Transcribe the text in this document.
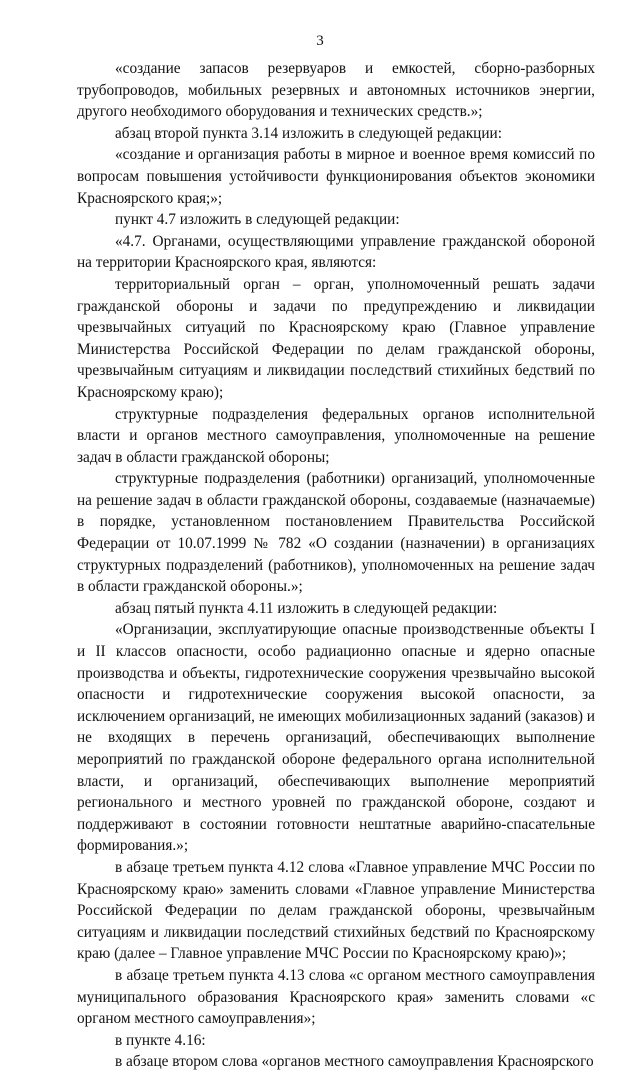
3

«создание запасов резервуаров и емкостей, сборно-разборных трубопроводов, мобильных резервных и автономных источников энергии, другого необходимого оборудования и технических средств.»;

абзац второй пункта 3.14 изложить в следующей редакции:

«создание и организация работы в мирное и военное время комиссий по вопросам повышения устойчивости функционирования объектов экономики Красноярского края;»;

пункт 4.7 изложить в следующей редакции:

«4.7. Органами, осуществляющими управление гражданской обороной на территории Красноярского края, являются:

территориальный орган – орган, уполномоченный решать задачи гражданской обороны и задачи по предупреждению и ликвидации чрезвычайных ситуаций по Красноярскому краю (Главное управление Министерства Российской Федерации по делам гражданской обороны, чрезвычайным ситуациям и ликвидации последствий стихийных бедствий по Красноярскому краю);

структурные подразделения федеральных органов исполнительной власти и органов местного самоуправления, уполномоченные на решение задач в области гражданской обороны;

структурные подразделения (работники) организаций, уполномоченные на решение задач в области гражданской обороны, создаваемые (назначаемые) в порядке, установленном постановлением Правительства Российской Федерации от 10.07.1999 № 782 «О создании (назначении) в организациях структурных подразделений (работников), уполномоченных на решение задач в области гражданской обороны.»;

абзац пятый пункта 4.11 изложить в следующей редакции:

«Организации, эксплуатирующие опасные производственные объекты I и II классов опасности, особо радиационно опасные и ядерно опасные производства и объекты, гидротехнические сооружения чрезвычайно высокой опасности и гидротехнические сооружения высокой опасности, за исключением организаций, не имеющих мобилизационных заданий (заказов) и не входящих в перечень организаций, обеспечивающих выполнение мероприятий по гражданской обороне федерального органа исполнительной власти, и организаций, обеспечивающих выполнение мероприятий регионального и местного уровней по гражданской обороне, создают и поддерживают в состоянии готовности нештатные аварийно-спасательные формирования.»;

в абзаце третьем пункта 4.12 слова «Главное управление МЧС России по Красноярскому краю» заменить словами «Главное управление Министерства Российской Федерации по делам гражданской обороны, чрезвычайным ситуациям и ликвидации последствий стихийных бедствий по Красноярскому краю (далее – Главное управление МЧС России по Красноярскому краю)»;

в абзаце третьем пункта 4.13 слова «с органом местного самоуправления муниципального образования Красноярского края» заменить словами «с органом местного самоуправления»;

в пункте 4.16:

в абзаце втором слова «органов местного самоуправления Красноярского
